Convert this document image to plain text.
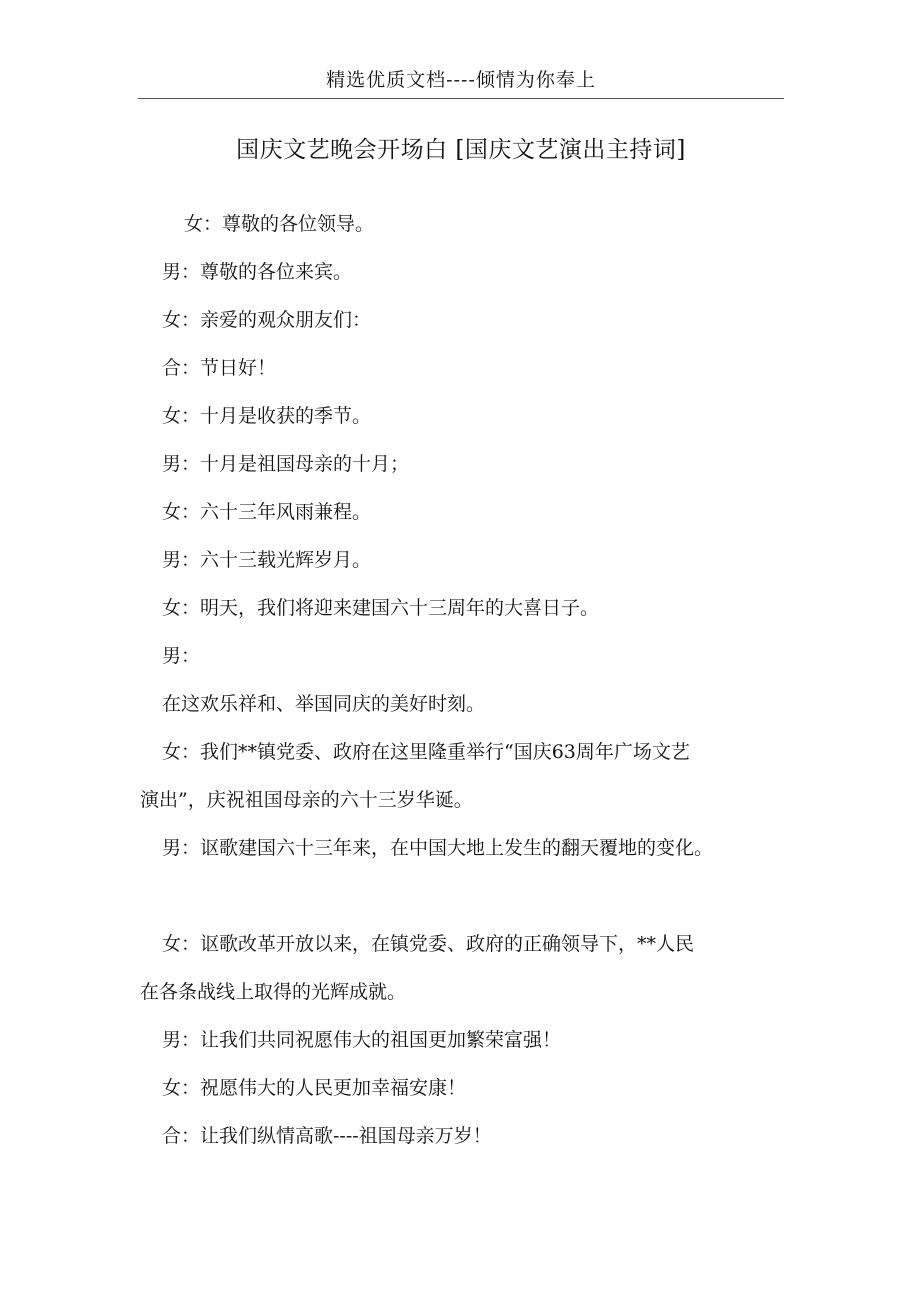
精选优质文档----倾情为你奉上
国庆文艺晚会开场白 [国庆文艺演出主持词]
女：尊敬的各位领导。
男：尊敬的各位来宾。
女：亲爱的观众朋友们：
合：节日好！
女：十月是收获的季节。
男：十月是祖国母亲的十月；
女：六十三年风雨兼程。
男：六十三载光辉岁月。
女：明天，我们将迎来建国六十三周年的大喜日子。
男：
在这欢乐祥和、举国同庆的美好时刻。
女：我们**镇党委、政府在这里隆重举行“国庆63周年广场文艺
演出”，庆祝祖国母亲的六十三岁华诞。
男：讴歌建国六十三年来，在中国大地上发生的翻天覆地的变化。
女：讴歌改革开放以来，在镇党委、政府的正确领导下，**人民
在各条战线上取得的光辉成就。
男：让我们共同祝愿伟大的祖国更加繁荣富强！
女：祝愿伟大的人民更加幸福安康！
合：让我们纵情高歌----祖国母亲万岁！
